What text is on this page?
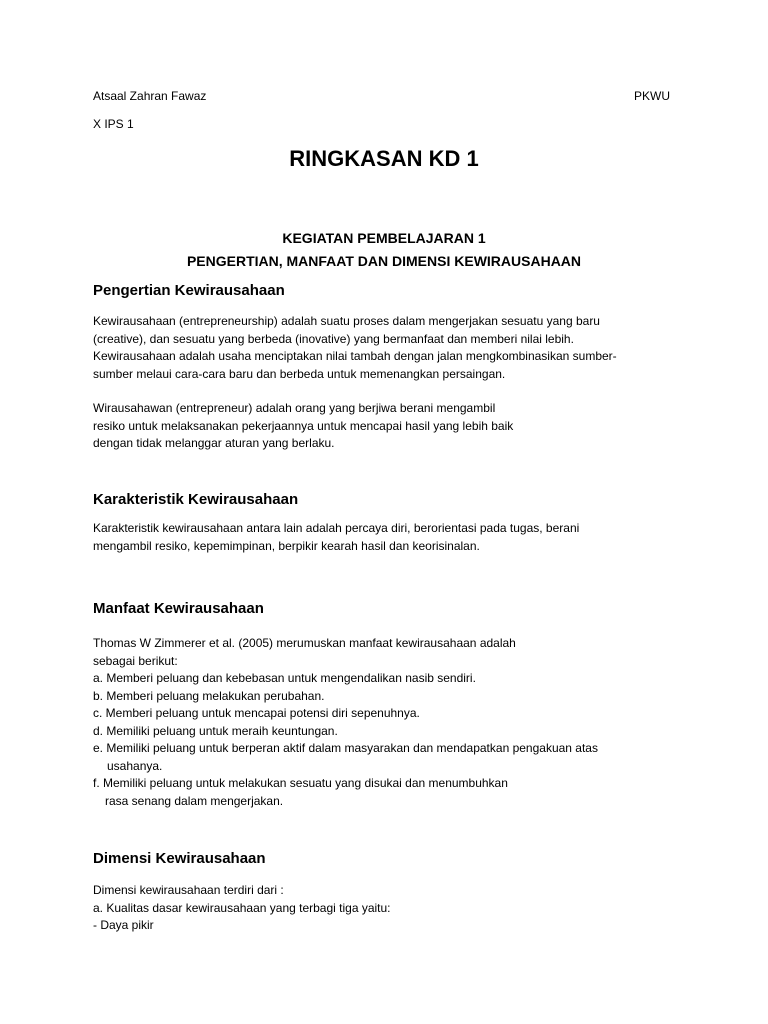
Atsaal Zahran Fawaz	PKWU
X IPS 1
RINGKASAN KD 1
KEGIATAN PEMBELAJARAN 1
PENGERTIAN, MANFAAT DAN DIMENSI KEWIRAUSAHAAN
Pengertian Kewirausahaan

Kewirausahaan (entrepreneurship) adalah suatu proses dalam mengerjakan sesuatu yang baru

(creative), dan sesuatu yang berbeda (inovative) yang bermanfaat dan memberi nilai lebih.

Kewirausahaan adalah usaha menciptakan nilai tambah dengan jalan mengkombinasikan sumber-

sumber melaui cara-cara baru dan berbeda untuk memenangkan persaingan.

Wirausahawan (entrepreneur) adalah orang yang berjiwa berani mengambil

resiko untuk melaksanakan pekerjaannya untuk mencapai hasil yang lebih baik

dengan tidak melanggar aturan yang berlaku.

Karakteristik Kewirausahaan

Karakteristik kewirausahaan antara lain adalah percaya diri, berorientasi pada tugas, berani

mengambil resiko, kepemimpinan, berpikir kearah hasil dan keorisinalan.

Manfaat Kewirausahaan

Thomas W Zimmerer et al. (2005) merumuskan manfaat kewirausahaan adalah

sebagai berikut:

a. Memberi peluang dan kebebasan untuk mengendalikan nasib sendiri.

b. Memberi peluang melakukan perubahan.

c. Memberi peluang untuk mencapai potensi diri sepenuhnya.

d. Memiliki peluang untuk meraih keuntungan.

e. Memiliki peluang untuk berperan aktif dalam masyarakan dan mendapatkan pengakuan atas

usahanya.

f. Memiliki peluang untuk melakukan sesuatu yang disukai dan menumbuhkan

rasa senang dalam mengerjakan.

Dimensi Kewirausahaan

Dimensi kewirausahaan terdiri dari :

a. Kualitas dasar kewirausahaan yang terbagi tiga yaitu:

- Daya pikir
